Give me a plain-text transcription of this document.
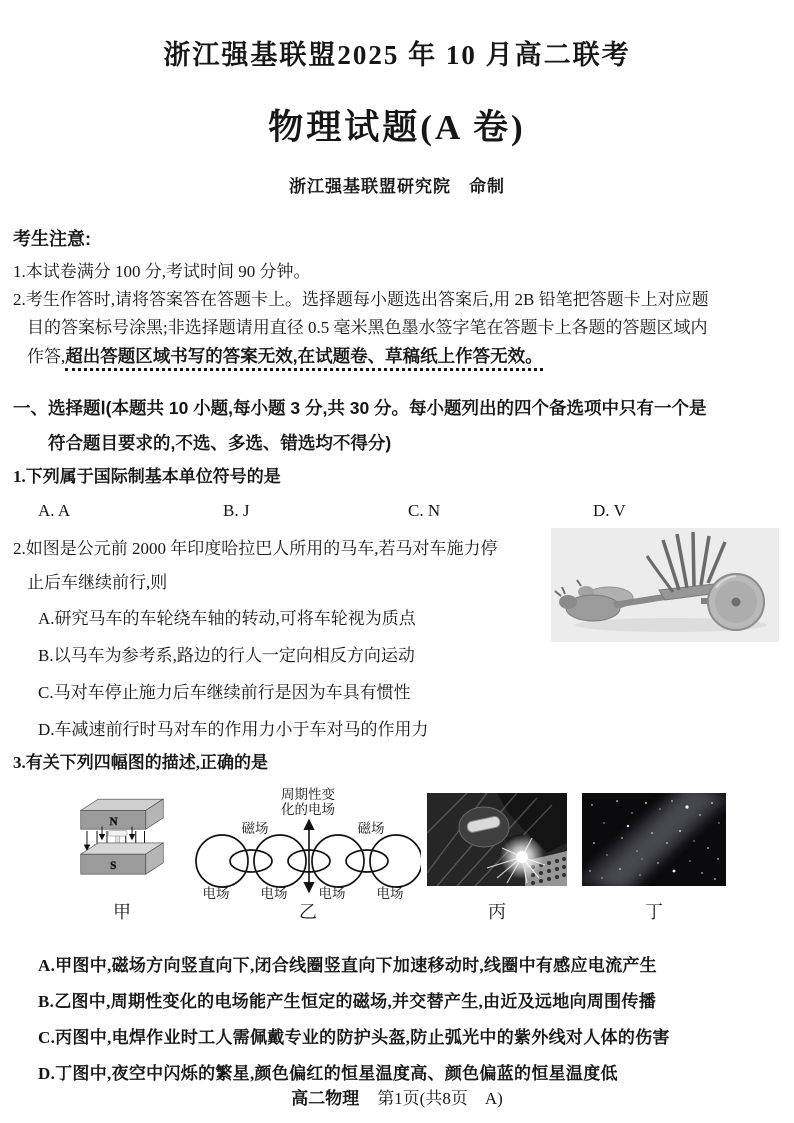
浙江强基联盟2025 年 10 月高二联考
物理试题(A 卷)
浙江强基联盟研究院　命制
考生注意:
1.本试卷满分 100 分,考试时间 90 分钟。
2.考生作答时,请将答案答在答题卡上。选择题每小题选出答案后,用 2B 铅笔把答题卡上对应题
目的答案标号涂黑;非选择题请用直径 0.5 毫米黑色墨水签字笔在答题卡上各题的答题区域内
作答,超出答题区域书写的答案无效,在试题卷、草稿纸上作答无效。
一、选择题Ⅰ(本题共 10 小题,每小题 3 分,共 30 分。每小题列出的四个备选项中只有一个是
符合题目要求的,不选、多选、错选均不得分)
1.下列属于国际制基本单位符号的是
A. A	B. J	C. N	D. V
2.如图是公元前 2000 年印度哈拉巴人所用的马车,若马对车施力停
止后车继续前行,则
A.研究马车的车轮绕车轴的转动,可将车轮视为质点
B.以马车为参考系,路边的行人一定向相反方向运动
C.马对车停止施力后车继续前行是因为车具有惯性
D.车减速前行时马对车的作用力小于车对马的作用力
3.有关下列四幅图的描述,正确的是
N
S
甲
周期性变
化的电场
磁场	磁场
电场 电场 电场 电场
乙	丙	丁
A.甲图中,磁场方向竖直向下,闭合线圈竖直向下加速移动时,线圈中有感应电流产生
B.乙图中,周期性变化的电场能产生恒定的磁场,并交替产生,由近及远地向周围传播
C.丙图中,电焊作业时工人需佩戴专业的防护头盔,防止弧光中的紫外线对人体的伤害
D.丁图中,夜空中闪烁的繁星,颜色偏红的恒星温度高、颜色偏蓝的恒星温度低
高二物理 第1页(共8页　A)
